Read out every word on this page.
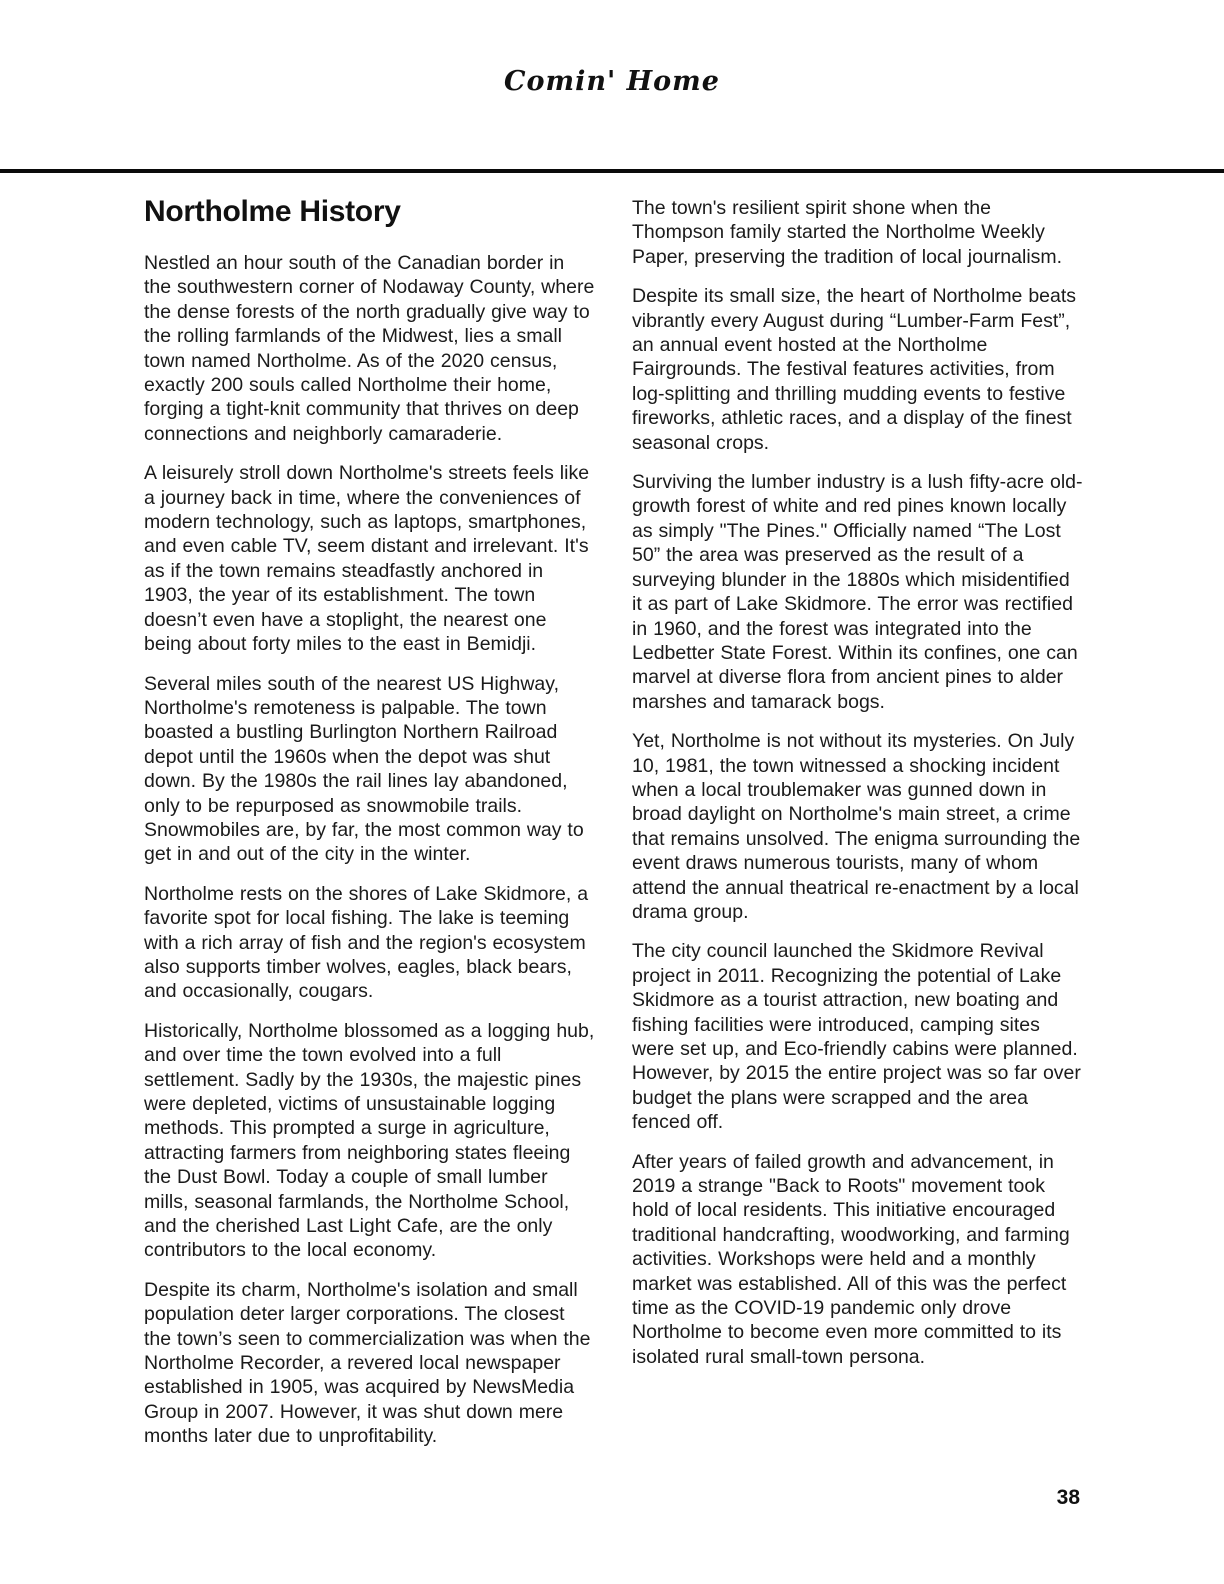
Comin' Home
Northolme History

Nestled an hour south of the Canadian border in the southwestern corner of Nodaway County, where the dense forests of the north gradually give way to the rolling farmlands of the Midwest, lies a small town named Northolme. As of the 2020 census, exactly 200 souls called Northolme their home, forging a tight-knit community that thrives on deep connections and neighborly camaraderie.

A leisurely stroll down Northolme's streets feels like a journey back in time, where the conveniences of modern technology, such as laptops, smartphones, and even cable TV, seem distant and irrelevant. It's as if the town remains steadfastly anchored in 1903, the year of its establishment. The town doesn’t even have a stoplight, the nearest one being about forty miles to the east in Bemidji.

Several miles south of the nearest US Highway, Northolme's remoteness is palpable. The town boasted a bustling Burlington Northern Railroad depot until the 1960s when the depot was shut down. By the 1980s the rail lines lay abandoned, only to be repurposed as snowmobile trails. Snowmobiles are, by far, the most common way to get in and out of the city in the winter.

Northolme rests on the shores of Lake Skidmore, a favorite spot for local fishing. The lake is teeming with a rich array of fish and the region's ecosystem also supports timber wolves, eagles, black bears, and occasionally, cougars.

Historically, Northolme blossomed as a logging hub, and over time the town evolved into a full settlement. Sadly by the 1930s, the majestic pines were depleted, victims of unsustainable logging methods. This prompted a surge in agriculture, attracting farmers from neighboring states fleeing the Dust Bowl. Today a couple of small lumber mills, seasonal farmlands, the Northolme School, and the cherished Last Light Cafe, are the only contributors to the local economy.

Despite its charm, Northolme's isolation and small population deter larger corporations. The closest the town’s seen to commercialization was when the Northolme Recorder, a revered local newspaper established in 1905, was acquired by NewsMedia Group in 2007. However, it was shut down mere months later due to unprofitability.

The town's resilient spirit shone when the Thompson family started the Northolme Weekly Paper, preserving the tradition of local journalism.

Despite its small size, the heart of Northolme beats vibrantly every August during “Lumber-Farm Fest”, an annual event hosted at the Northolme Fairgrounds. The festival features activities, from log-splitting and thrilling mudding events to festive fireworks, athletic races, and a display of the finest seasonal crops.

Surviving the lumber industry is a lush fifty-acre old-growth forest of white and red pines known locally as simply "The Pines." Officially named “The Lost 50” the area was preserved as the result of a surveying blunder in the 1880s which misidentified it as part of Lake Skidmore. The error was rectified in 1960, and the forest was integrated into the Ledbetter State Forest. Within its confines, one can marvel at diverse flora from ancient pines to alder marshes and tamarack bogs.

Yet, Northolme is not without its mysteries. On July 10, 1981, the town witnessed a shocking incident when a local troublemaker was gunned down in broad daylight on Northolme's main street, a crime that remains unsolved. The enigma surrounding the event draws numerous tourists, many of whom attend the annual theatrical re-enactment by a local drama group.

The city council launched the Skidmore Revival project in 2011. Recognizing the potential of Lake Skidmore as a tourist attraction, new boating and fishing facilities were introduced, camping sites were set up, and Eco-friendly cabins were planned. However, by 2015 the entire project was so far over budget the plans were scrapped and the area fenced off.

After years of failed growth and advancement, in 2019 a strange "Back to Roots" movement took hold of local residents. This initiative encouraged traditional handcrafting, woodworking, and farming activities. Workshops were held and a monthly market was established. All of this was the perfect time as the COVID-19 pandemic only drove Northolme to become even more committed to its isolated rural small-town persona.

38
